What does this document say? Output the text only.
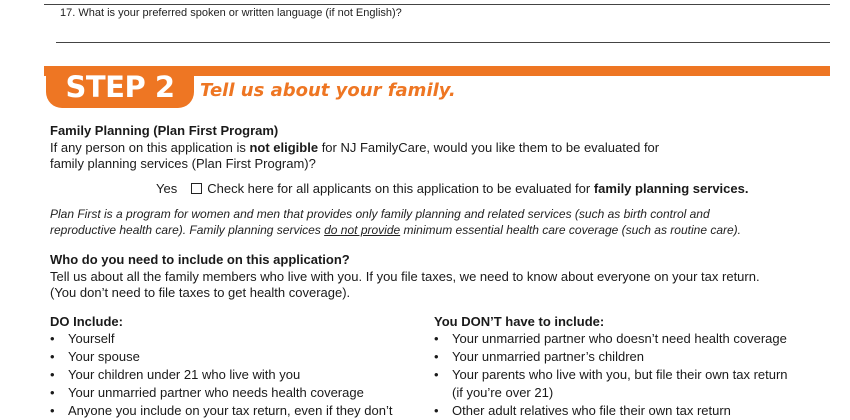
17. What is your preferred spoken or written language (if not English)?
STEP 2	Tell us about your family.
Family Planning (Plan First Program)
If any person on this application is not eligible for NJ FamilyCare, would you like them to be evaluated for
family planning services (Plan First Program)?
Yes Check here for all applicants on this application to be evaluated for family planning services.
Plan First is a program for women and men that provides only family planning and related services (such as birth control and
reproductive health care). Family planning services do not provide minimum essential health care coverage (such as routine care).
Who do you need to include on this application?
Tell us about all the family members who live with you. If you file taxes, we need to know about everyone on your tax return.
(You don’t need to file taxes to get health coverage).
DO Include:
• Yourself
• Your spouse
• Your children under 21 who live with you
• Your unmarried partner who needs health coverage
• Anyone you include on your tax return, even if they don’t
You DON’T have to include:
• Your unmarried partner who doesn’t need health coverage
• Your unmarried partner’s children
• Your parents who live with you, but file their own tax return
(if you’re over 21)
• Other adult relatives who file their own tax return
